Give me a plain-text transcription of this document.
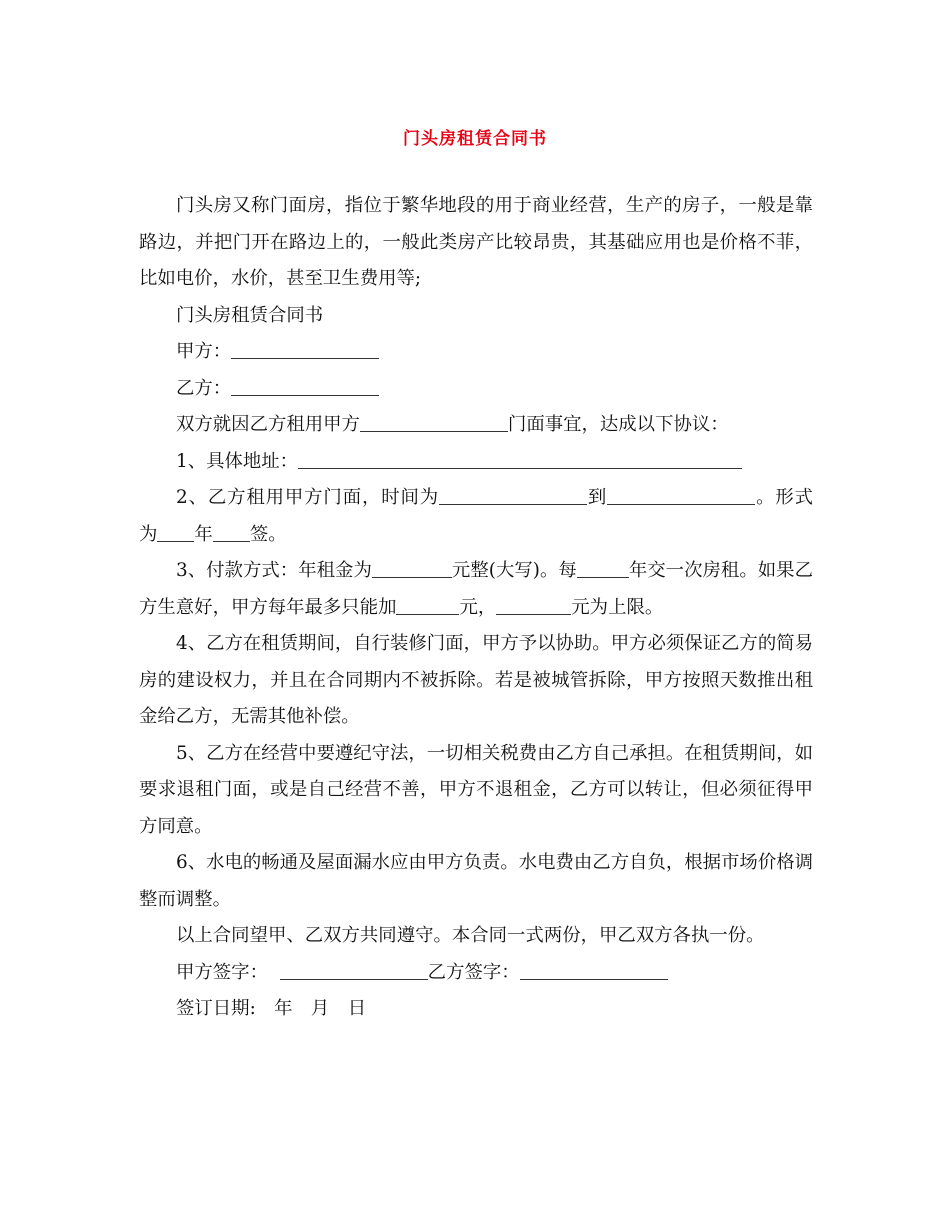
门头房租赁合同书

门头房又称门面房，指位于繁华地段的用于商业经营，生产的房子，一般是靠路边，并把门开在路边上的，一般此类房产比较昂贵，其基础应用也是价格不菲，比如电价，水价，甚至卫生费用等;

门头房租赁合同书

甲方：

乙方：

双方就因乙方租用甲方	门面事宜，达成以下协议：

1、具体地址：

2、乙方租用甲方门面，时间为	到	。形式为 年 签。

3、付款方式：年租金为	元整(大写)。每	年交一次房租。如果乙方生意好，甲方每年最多只能加	元，	元为上限。

4、乙方在租赁期间，自行装修门面，甲方予以协助。甲方必须保证乙方的简易房的建设权力，并且在合同期内不被拆除。若是被城管拆除，甲方按照天数推出租金给乙方，无需其他补偿。

5、乙方在经营中要遵纪守法，一切相关税费由乙方自己承担。在租赁期间，如要求退租门面，或是自己经营不善，甲方不退租金，乙方可以转让，但必须征得甲方同意。

6、水电的畅通及屋面漏水应由甲方负责。水电费由乙方自负，根据市场价格调整而调整。

以上合同望甲、乙双方共同遵守。本合同一式两份，甲乙双方各执一份。

甲方签字：	乙方签字：

签订日期:　年　月　日
